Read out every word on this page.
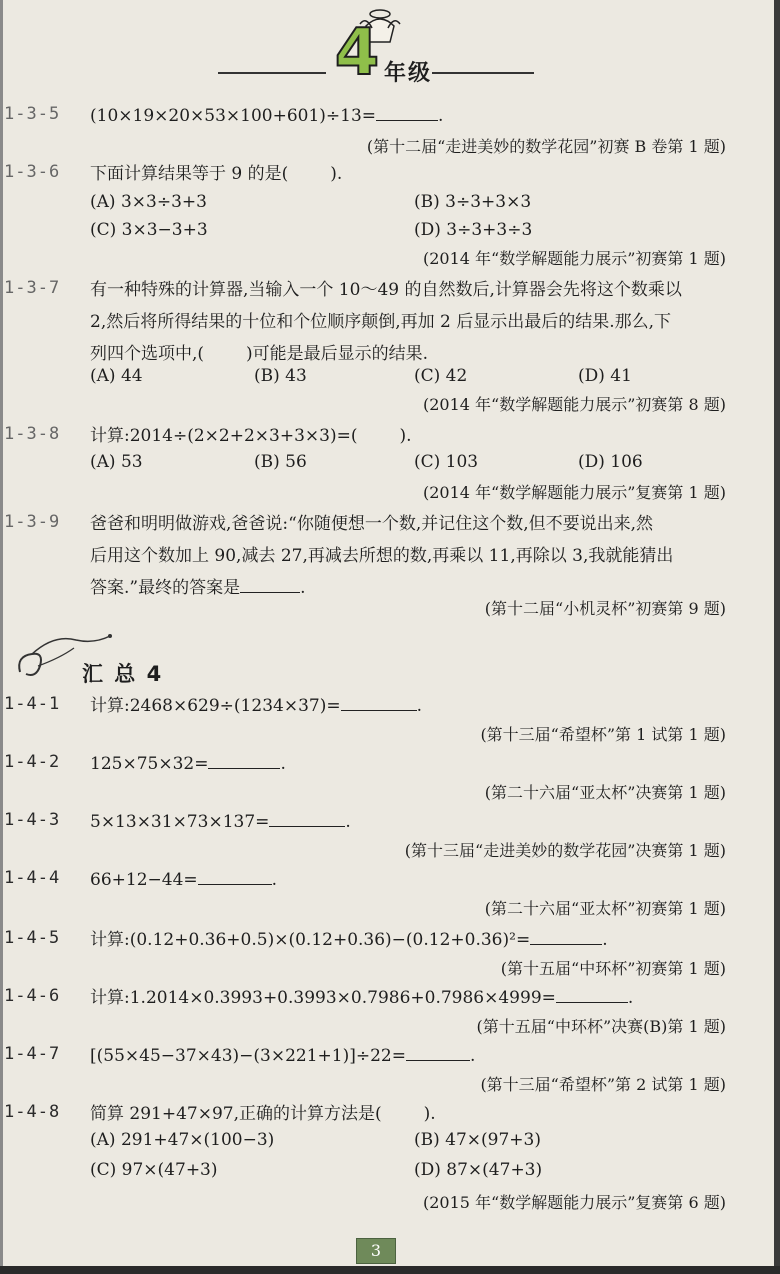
4 年级
1-3-5	(10×19×20×53×100+601)÷13=	.
(第十二届“走进美妙的数学花园”初赛 B 卷第 1 题)
1-3-6	下面计算结果等于 9 的是( ).
(A) 3×3÷3+3	(B) 3÷3+3×3
(C) 3×3−3+3	(D) 3÷3+3÷3
(2014 年“数学解题能力展示”初赛第 1 题)
1-3-7	有一种特殊的计算器,当输入一个 10～49 的自然数后,计算器会先将这个数乘以
2,然后将所得结果的十位和个位顺序颠倒,再加 2 后显示出最后的结果.那么,下
列四个选项中,( )可能是最后显示的结果.
(A) 44	(B) 43	(C) 42	(D) 41
(2014 年“数学解题能力展示”初赛第 8 题)
1-3-8	计算:2014÷(2×2+2×3+3×3)=( ).
(A) 53	(B) 56	(C) 103	(D) 106
(2014 年“数学解题能力展示”复赛第 1 题)
1-3-9	爸爸和明明做游戏,爸爸说:“你随便想一个数,并记住这个数,但不要说出来,然
后用这个数加上 90,减去 27,再减去所想的数,再乘以 11,再除以 3,我就能猜出
答案.”最终的答案是	.
(第十二届“小机灵杯”初赛第 9 题)
汇 总 4
1-4-1	计算:2468×629÷(1234×37)=	.
(第十三届“希望杯”第 1 试第 1 题)
1-4-2	125×75×32=	.
(第二十六届“亚太杯”决赛第 1 题)
1-4-3	5×13×31×73×137=	.
(第十三届“走进美妙的数学花园”决赛第 1 题)
1-4-4	66+12−44=	.
(第二十六届“亚太杯”初赛第 1 题)
1-4-5	计算:(0.12+0.36+0.5)×(0.12+0.36)−(0.12+0.36)²=	.
(第十五届“中环杯”初赛第 1 题)
1-4-6	计算:1.2014×0.3993+0.3993×0.7986+0.7986×4999=	.
(第十五届“中环杯”决赛(B)第 1 题)
1-4-7	[(55×45−37×43)−(3×221+1)]÷22=	.
(第十三届“希望杯”第 2 试第 1 题)
1-4-8	简算 291+47×97,正确的计算方法是( ).
(A) 291+47×(100−3)	(B) 47×(97+3)
(C) 97×(47+3)	(D) 87×(47+3)
(2015 年“数学解题能力展示”复赛第 6 题)
3
